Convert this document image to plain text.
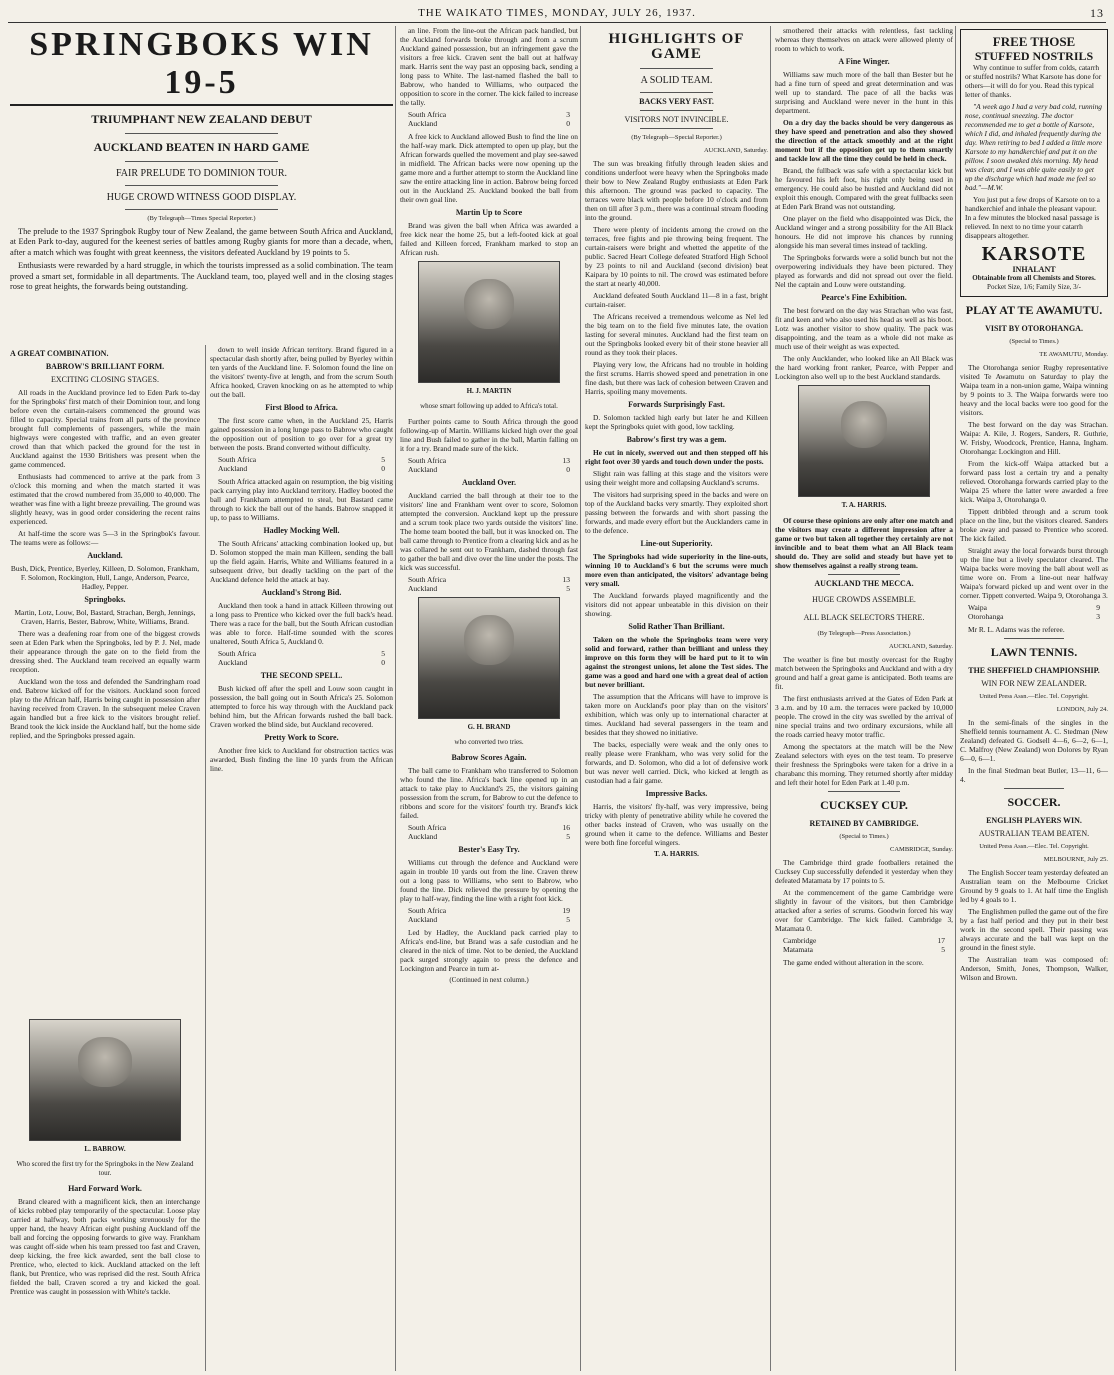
THE WAIKATO TIMES, MONDAY, JULY 26, 1937.	13
SPRINGBOKS WIN 19-5
TRIUMPHANT NEW ZEALAND DEBUT
AUCKLAND BEATEN IN HARD GAME
FAIR PRELUDE TO DOMINION TOUR.
HUGE CROWD WITNESS GOOD DISPLAY.
(By Telegraph—Times Special Reporter.)

The prelude to the 1937 Springbok Rugby tour of New Zealand, the game between South Africa and Auckland, at Eden Park to-day, augured for the keenest series of battles among Rugby giants for more than a decade, when, after a match which was fought with great keenness, the visitors defeated Auckland by 19 points to 5.

Enthusiasts were rewarded by a hard struggle, in which the tourists impressed as a solid combination. The team proved a smart set, formidable in all departments. The Auckland team, too, played well and in the closing stages rose to great heights, the forwards being outstanding.

A GREAT COMBINATION.
BABROW'S BRILLIANT FORM.
EXCITING CLOSING STAGES.

All roads in the Auckland province led to Eden Park to-day for the Springboks' first match of their Dominion tour, and long before even the curtain-raisers commenced the ground was filled to capacity. Special trains from all parts of the province brought full complements of passengers, while the main highways were congested with traffic, and an even greater crowd than that which packed the ground for the test in Auckland against the 1930 Britishers was present when the game commenced.

Enthusiasts had commenced to arrive at the park from 3 o'clock this morning and when the match started it was estimated that the crowd numbered from 35,000 to 40,000. The weather was fine with a light breeze prevailing. The ground was slightly heavy, was in good order considering the recent rains experienced.

At half-time the score was 5—3 in the Springbok's favour. The teams were as follows:—

Auckland.

Bush, Dick, Prentice, Byerley, Killeen, D. Solomon, Frankham, F. Solomon, Rockington, Hull, Lange, Anderson, Pearce, Hadley, Pepper.

Springboks.

Martin, Lotz, Louw, Bol, Bastard, Strachan, Bergh, Jennings, Craven, Harris, Bester, Babrow, White, Williams, Brand.

There was a deafening roar from one of the biggest crowds seen at Eden Park when the Springboks, led by P. J. Nel, made their appearance through the gate on to the field from the dressing shed. The Auckland team received an equally warm reception.

Auckland won the toss and defended the Sandringham road end. Babrow kicked off for the visitors. Auckland soon forced play to the African half, Harris being caught in possession after having received from Craven. In the subsequent melee Craven again handled but a free kick to the visitors brought relief. Brand took the kick inside the Auckland half, but the home side replied, and the Springboks pressed again.

L. BABROW.
Who scored the first try for the Springboks in the New Zealand tour.
Hard Forward Work.

Brand cleared with a magnificent kick, then an interchange of kicks robbed play temporarily of the spectacular. Loose play carried at halfway, both packs working strenuously for the upper hand, the heavy African eight pushing Auckland off the ball and forcing the opposing forwards to give way. Frankham was caught off-side when his team pressed too fast and Craven, deep kicking, the free kick awarded, sent the ball close to Prentice, who, elected to kick. Auckland attacked on the left flank, but Prentice, who was reprised did the rest. South Africa fielded the ball, Craven scored a try and kicked the goal. Prentice was caught in possession with White's tackle.

down to well inside African territory. Brand figured in a spectacular dash shortly after, being pulled by Byerley within ten yards of the Auckland line. F. Solomon found the line on the visitors' twenty-five at length, and from the scrum South Africa hooked, Craven knocking on as he attempted to whip out the ball.

First Blood to Africa.

The first score came when, in the Auckland 25, Harris gained possession in a long lunge pass to Babrow who caught the opposition out of position to go over for a great try between the posts. Brand converted without difficulty.

South Africa	5
Auckland	0

South Africa attacked again on resumption, the big visiting pack carrying play into Auckland territory. Hadley booted the ball and Frankham attempted to steal, but Bastard came through to kick the ball out of the hands. Babrow snapped it up, to pass to Williams.

Hadley Mocking Well.

The South Africans' attacking combination looked up, but D. Solomon stopped the main man Killeen, sending the ball up the field again. Harris, White and Williams featured in a subsequent drive, but deadly tackling on the part of the Auckland defence held the attack at bay.

Auckland's Strong Bid.

Auckland then took a hand in attack Killeen throwing out a long pass to Prentice who kicked over the full back's head. There was a race for the ball, but the South African custodian was able to force. Half-time sounded with the scores unaltered, South Africa 5, Auckland 0.

South Africa	5
Auckland	0
THE SECOND SPELL.

Bush kicked off after the spell and Louw soon caught in possession, the ball going out in South Africa's 25. Solomon attempted to force his way through with the Auckland pack behind him, but the African forwards rushed the ball back. Craven worked the blind side, but Auckland recovered.

Pretty Work to Score.

Another free kick to Auckland for obstruction tactics was awarded, Bush finding the line 10 yards from the African line.

an line. From the line-out the African pack handled, but the Auckland forwards broke through and from a scrum Auckland gained possession, but an infringement gave the visitors a free kick. Craven sent the ball out at halfway mark. Harris sent the way past an opposing back, sending a long pass to White. The last-named flashed the ball to Babrow, who handed to Williams, who outpaced the opposition to score in the corner. The kick failed to increase the tally.

South Africa	3
Auckland	0

A free kick to Auckland allowed Bush to find the line on the half-way mark. Dick attempted to open up play, but the African forwards quelled the movement and play see-sawed in midfield. The African backs were now opening up the game more and a further attempt to storm the Auckland line saw the entire attacking line in action. Babrow being forced out in the Auckland 25. Auckland booked the ball from their own goal line.

Martin Up to Score

Brand was given the ball when Africa was awarded a free kick near the home 25, but a left-footed kick at goal failed and Killeen forced, Frankham marked to stop an African rush.

H. J. MARTIN
whose smart following up added to Africa's total.

Further points came to South Africa through the good following-up of Martin. Williams kicked high over the goal line and Bush failed to gather in the ball, Martin falling on it for a try. Brand made sure of the kick.

South Africa	13
Auckland	0
Auckland Over.

Auckland carried the ball through at their toe to the visitors' line and Frankham went over to score, Solomon attempted the conversion. Auckland kept up the pressure and a scrum took place two yards outside the visitors' line. The home team booted the ball, but it was knocked on. The ball came through to Prentice from a clearing kick and as he was collared he sent out to Frankham, dashed through fast to gather the ball and dive over the line under the posts. The kick was successful.

South Africa	13
Auckland	5
G. H. BRAND
who converted two tries.
Babrow Scores Again.

The ball came to Frankham who transferred to Solomon who found the line. Africa's back line opened up in an attack to take play to Auckland's 25, the visitors gaining possession from the scrum, for Babrow to cut the defence to ribbons and score for the visitors' fourth try. Brand's kick failed.

South Africa	16
Auckland	5
Bester's Easy Try.

Williams cut through the defence and Auckland were again in trouble 10 yards out from the line. Craven threw out a long pass to Williams, who sent to Babrow, who found the line. Dick relieved the pressure by opening the play to half-way, finding the line with a right foot kick.

South Africa	19
Auckland	5

Led by Hadley, the Auckland pack carried play to Africa's end-line, but Brand was a safe custodian and he cleared in the nick of time. Not to be denied, the Auckland pack surged strongly again to press the defence and Lockington and Pearce in turn at-

(Continued in next column.)
HIGHLIGHTS OF GAME
A SOLID TEAM.
BACKS VERY FAST.
VISITORS NOT INVINCIBLE.
(By Telegraph—Special Reporter.)
AUCKLAND, Saturday.

The sun was breaking fitfully through leaden skies and conditions underfoot were heavy when the Springboks made their bow to New Zealand Rugby enthusiasts at Eden Park this afternoon. The ground was packed to capacity. The terraces were black with people before 10 o'clock and from then on till after 3 p.m., there was a continual stream flooding into the ground.

There were plenty of incidents among the crowd on the terraces, free fights and pie throwing being frequent. The curtain-raisers were bright and whetted the appetite of the public. Sacred Heart College defeated Stratford High School by 23 points to nil and Auckland (second division) beat Kaipara by 10 points to nil. The crowd was estimated before the start at nearly 40,000.

Auckland defeated South Auckland 11—8 in a fast, bright curtain-raiser.

The Africans received a tremendous welcome as Nel led the big team on to the field five minutes late, the ovation lasting for several minutes. Auckland had the first team on out the Springboks looked every bit of their stone heavier all round as they took their places.

Playing very low, the Africans had no trouble in holding the first scrums. Harris showed speed and penetration in one fine dash, but there was lack of cohesion between Craven and Harris, spoiling many movements.

Forwards Surprisingly Fast.

D. Solomon tackled high early but later he and Killeen kept the Springboks quiet with good, low tackling.

Babrow's first try was a gem.

He cut in nicely, swerved out and then stepped off his right foot over 30 yards and touch down under the posts.

Slight rain was falling at this stage and the visitors were using their weight more and collapsing Auckland's scrums.

The visitors had surprising speed in the backs and were on top of the Auckland backs very smartly. They exploited short passing between the forwards and with short passing the forwards, and made every effort but the Aucklanders came in to the defence.

Line-out Superiority.

The Springboks had wide superiority in the line-outs, winning 10 to Auckland's 6 but the scrums were much more even than anticipated, the visitors' advantage being very small.

The Auckland forwards played magnificently and the visitors did not appear unbeatable in this division on their showing.

Solid Rather Than Brilliant.

Taken on the whole the Springboks team were very solid and forward, rather than brilliant and unless they improve on this form they will be hard put to it to win against the strongest unions, let alone the Test sides. The game was a good and hard one with a great deal of action but never brilliant.

The assumption that the Africans will have to improve is taken more on Auckland's poor play than on the visitors' exhibition, which was only up to international character at times. Auckland had several passengers in the team and besides that they showed no initiative.

The backs, especially were weak and the only ones to really please were Frankham, who was very solid for the forwards, and D. Solomon, who did a lot of defensive work but was never well carried. Dick, who kicked at length as custodian had a fair game.

Impressive Backs.

Harris, the visitors' fly-half, was very impressive, being tricky with plenty of penetrative ability while he covered the other backs instead of Craven, who was usually on the ground when it came to the defence. Williams and Bester were both fine forceful wingers.

T. A. HARRIS.

smothered their attacks with relentless, fast tackling whereas they themselves on attack were allowed plenty of room to which to work.

A Fine Winger.

Williams saw much more of the ball than Bester but he had a fine turn of speed and great determination and was well up to standard. The pace of all the backs was surprising and Auckland were never in the hunt in this department.

On a dry day the backs should be very dangerous as they have speed and penetration and also they showed the direction of the attack smoothly and at the right moment but if the opposition get up to them smartly and tackle low all the time they could be held in check.

Brand, the fullback was safe with a spectacular kick but he favoured his left foot, his right only being used in emergency. He could also be hustled and Auckland did not exploit this enough. Compared with the great fullbacks seen at Eden Park Brand was not outstanding.

One player on the field who disappointed was Dick, the Auckland winger and a strong possibility for the All Black honours. He did not improve his chances by running alongside his man several times instead of tackling.

The Springboks forwards were a solid bunch but not the overpowering individuals they have been pictured. They played as forwards and did not spread out over the field. Nel the captain and Louw were outstanding.

Pearce's Fine Exhibition.

The best forward on the day was Strachan who was fast, fit and keen and who also used his head as well as his boot. Lotz was another visitor to show quality. The pack was disappointing, and the team as a whole did not make as much use of their weight as was expected.

The only Aucklander, who looked like an All Black was the hard working front ranker, Pearce, with Pepper and Lockington also well up to the best Auckland standards.

T. A. HARRIS.

Of course these opinions are only after one match and the visitors may create a different impression after a game or two but taken all together they certainly are not invincible and to beat them what an All Black team should do. They are solid and steady but have yet to show themselves against a really strong team.

AUCKLAND THE MECCA.
HUGE CROWDS ASSEMBLE.
ALL BLACK SELECTORS THERE.
(By Telegraph—Press Association.)
AUCKLAND, Saturday.

The weather is fine but mostly overcast for the Rugby match between the Springboks and Auckland and with a dry ground and half a great game is anticipated. Both teams are fit.

The first enthusiasts arrived at the Gates of Eden Park at 3 a.m. and by 10 a.m. the terraces were packed by 10,000 people. The crowd in the city was swelled by the arrival of nine special trains and two ordinary excursions, while all the roads carried heavy motor traffic.

Among the spectators at the match will be the New Zealand selectors with eyes on the test team. To preserve their freshness the Springboks were taken for a drive in a charabanc this morning. They returned shortly after midday and left their hotel for Eden Park at 1.40 p.m.

CUCKSEY CUP.
RETAINED BY CAMBRIDGE.
(Special to Times.)
CAMBRIDGE, Sunday.

The Cambridge third grade footballers retained the Cucksey Cup successfully defended it yesterday when they defeated Matamata by 17 points to 5.

At the commencement of the game Cambridge were slightly in favour of the visitors, but then Cambridge attacked after a series of scrums. Goodwin forced his way over for Cambridge. The kick failed. Cambridge 3, Matamata 0.

Cambridge	17
Matamata	5

The game ended without alteration in the score.

FREE THOSE
STUFFED NOSTRILS

Why continue to suffer from colds, catarrh or stuffed nostrils? What Karsote has done for others—it will do for you. Read this typical letter of thanks.

"A week ago I had a very bad cold, running nose, continual sneezing. The doctor recommended me to get a bottle of Karsote, which I did, and inhaled frequently during the day. When retiring to bed I added a little more Karsote to my handkerchief and put it on the pillow. I soon awaked this morning. My head was clear, and I was able quite easily to get up the discharge which had made me feel so bad."—M.W.

You just put a few drops of Karsote on to a handkerchief and inhale the pleasant vapour. In a few minutes the blocked nasal passage is relieved. In next to no time your catarrh disappears altogether.

KARSOTE
INHALANT
Obtainable from all Chemists and Stores.
Pocket Size, 1/6; Family Size, 3/-
PLAY AT TE AWAMUTU.
VISIT BY OTOROHANGA.
(Special to Times.)
TE AWAMUTU, Monday.

The Otorohanga senior Rugby representative visited Te Awamutu on Saturday to play the Waipa team in a non-union game, Waipa winning by 9 points to 3. The Waipa forwards were too heavy and the local backs were too good for the visitors.

The best forward on the day was Strachan. Waipa: A. Kile, J. Rogers, Sanders, R. Guthrie, W. Frisby, Woodcock, Prentice, Hanna, Ingham. Otorohanga: Lockington and Hill.

From the kick-off Waipa attacked but a forward pass lost a certain try and a penalty relieved. Otorohanga forwards carried play to the Waipa 25 where the latter were awarded a free kick. Waipa 3, Otorohanga 0.

Tippett dribbled through and a scrum took place on the line, but the visitors cleared. Sanders broke away and passed to Prentice who scored. The kick failed.

Straight away the local forwards burst through up the line but a lively speculator cleared. The Waipa backs were moving the ball about well as time wore on. From a line-out near halfway Waipa's forward picked up and went over in the corner. Tippett converted. Waipa 9, Otorohanga 3.

Waipa	9
Otorohanga	3

Mr R. L. Adams was the referee.

LAWN TENNIS.
THE SHEFFIELD CHAMPIONSHIP.
WIN FOR NEW ZEALANDER.
United Press Assn.—Elec. Tel. Copyright.
LONDON, July 24.

In the semi-finals of the singles in the Sheffield tennis tournament A. C. Stedman (New Zealand) defeated G. Godsell 4—6, 6—2, 6—1, C. Malfroy (New Zealand) won Dolores by Ryan 6—0, 6—1.

In the final Stedman beat Butler, 13—11, 6—4.

SOCCER.
ENGLISH PLAYERS WIN.
AUSTRALIAN TEAM BEATEN.
United Press Assn.—Elec. Tel. Copyright.
MELBOURNE, July 25.

The English Soccer team yesterday defeated an Australian team on the Melbourne Cricket Ground by 9 goals to 1. At half time the English led by 4 goals to 1.

The Englishmen pulled the game out of the fire by a fast half period and they put in their best work in the second spell. Their passing was always accurate and the ball was kept on the ground in the finest style.

The Australian team was composed of: Anderson, Smith, Jones, Thompson, Walker, Wilson and Brown.
